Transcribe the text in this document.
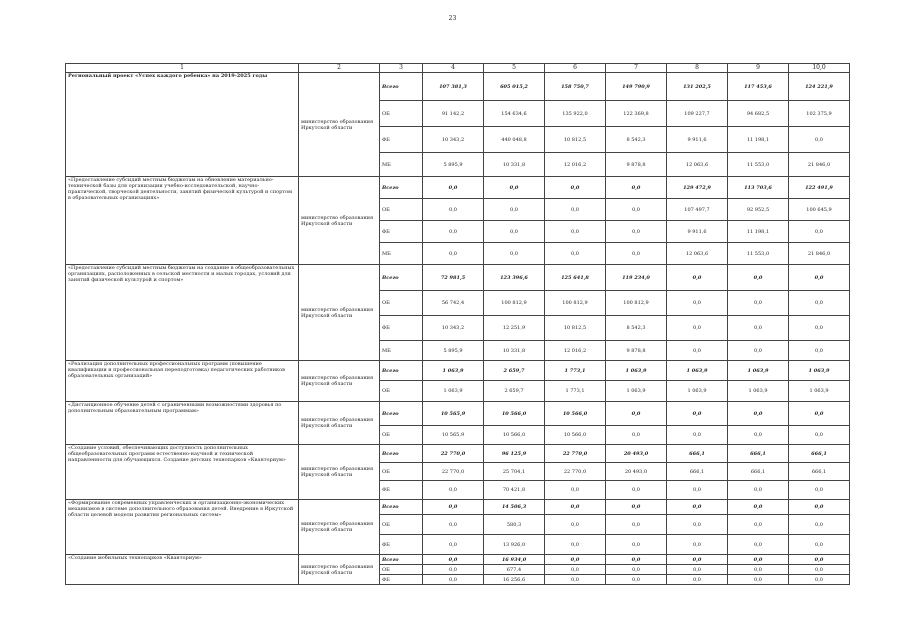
23
1	2	3	4	5	6	7	8	9	10,0
Региональный проект «Успех каждого ребенка» на 2019-2025 годы	министерство образования Иркутской области	Всего	107 381,3	605 015,2	158 750,7	149 790,9	131 202,5	117 453,6	124 221,9
		ОБ	91 142,2	154 634,6	135 922,0	122 369,8	109 227,7	94 682,5	102 375,9
		ФБ	10 343,2	440 048,8	10 812,5	8 542,3	9 911,6	11 198,1	0,0
		МБ	5 895,9	10 331,8	12 016,2	9 878,8	12 063,6	11 553,0	21 846,0
«Предоставление субсидий местным бюджетам на обновление материально-технической базы для организации учебно-исследовательской, научно-практической, творческой деятельности, занятий физической культурой и спортом в образовательных организациях»	министерство образования Иркутской области	Всего	0,0	0,0	0,0	0,0	129 472,9	113 703,6	122 491,9
		ОБ	0,0	0,0	0,0	0,0	107 497,7	92 952,5	100 645,9
		ФБ	0,0	0,0	0,0	0,0	9 911,6	11 198,1	0,0
		МБ	0,0	0,0	0,0	0,0	12 063,6	11 553,0	21 846,0
«Предоставление субсидий местным бюджетам на создание в общеобразовательных организациях, расположенных в сельской местности и малых городах, условий для занятий физической культурой и спортом»	министерство образования Иркутской области	Всего	72 981,5	123 396,6	125 641,8	119 234,0	0,0	0,0	0,0
		ОБ	56 742,4	100 812,9	100 812,9	100 812,9	0,0	0,0	0,0
		ФБ	10 343,2	12 251,9	10 812,5	8 542,3	0,0	0,0	0,0
		МБ	5 895,9	10 331,8	12 016,2	9 878,8	0,0	0,0	0,0
«Реализация дополнительных профессиональных программ (повышение квалификации и профессиональная переподготовка) педагогических работников образовательных организаций»	министерство образования Иркутской области	Всего	1 063,9	2 659,7	1 773,1	1 063,9	1 063,9	1 063,9	1 063,9
		ОБ	1 063,9	2 659,7	1 773,1	1 063,9	1 063,9	1 063,9	1 063,9
«Дистанционное обучение детей с ограниченными возможностями здоровья по дополнительным образовательным программам»	министерство образования Иркутской области	Всего	10 565,9	10 566,0	10 566,0	0,0	0,0	0,0	0,0
		ОБ	10 565,9	10 566,0	10 566,0	0,0	0,0	0,0	0,0
«Создание условий, обеспечивающих доступность дополнительных общеобразовательных программ естественно-научной и технической направленности для обучающихся. Создание детских технопарков «Кванториум»	министерство образования Иркутской области	Всего	22 770,0	96 125,9	22 770,0	20 493,0	666,1	666,1	666,1
		ОБ	22 770,0	25 704,1	22 770,0	20 493,0	666,1	666,1	666,1
		ФБ	0,0	70 421,8	0,0	0,0	0,0	0,0	0,0
«Формирование современных управленческих и организационно-экономических механизмов в системе дополнительного образования детей. Внедрение в Иркутской области целевой модели развития региональных систем»	министерство образования Иркутской области	Всего	0,0	14 506,3	0,0	0,0	0,0	0,0	0,0
		ОБ	0,0	580,3	0,0	0,0	0,0	0,0	0,0
		ФБ	0,0	13 926,0	0,0	0,0	0,0	0,0	0,0
«Создание мобильных технопарков «Кванториум»	министерство образования Иркутской области	Всего	0,0	16 934,0	0,0	0,0	0,0	0,0	0,0
		ОБ	0,0	677,4	0,0	0,0	0,0	0,0	0,0
		ФБ	0,0	16 256,6	0,0	0,0	0,0	0,0	0,0
